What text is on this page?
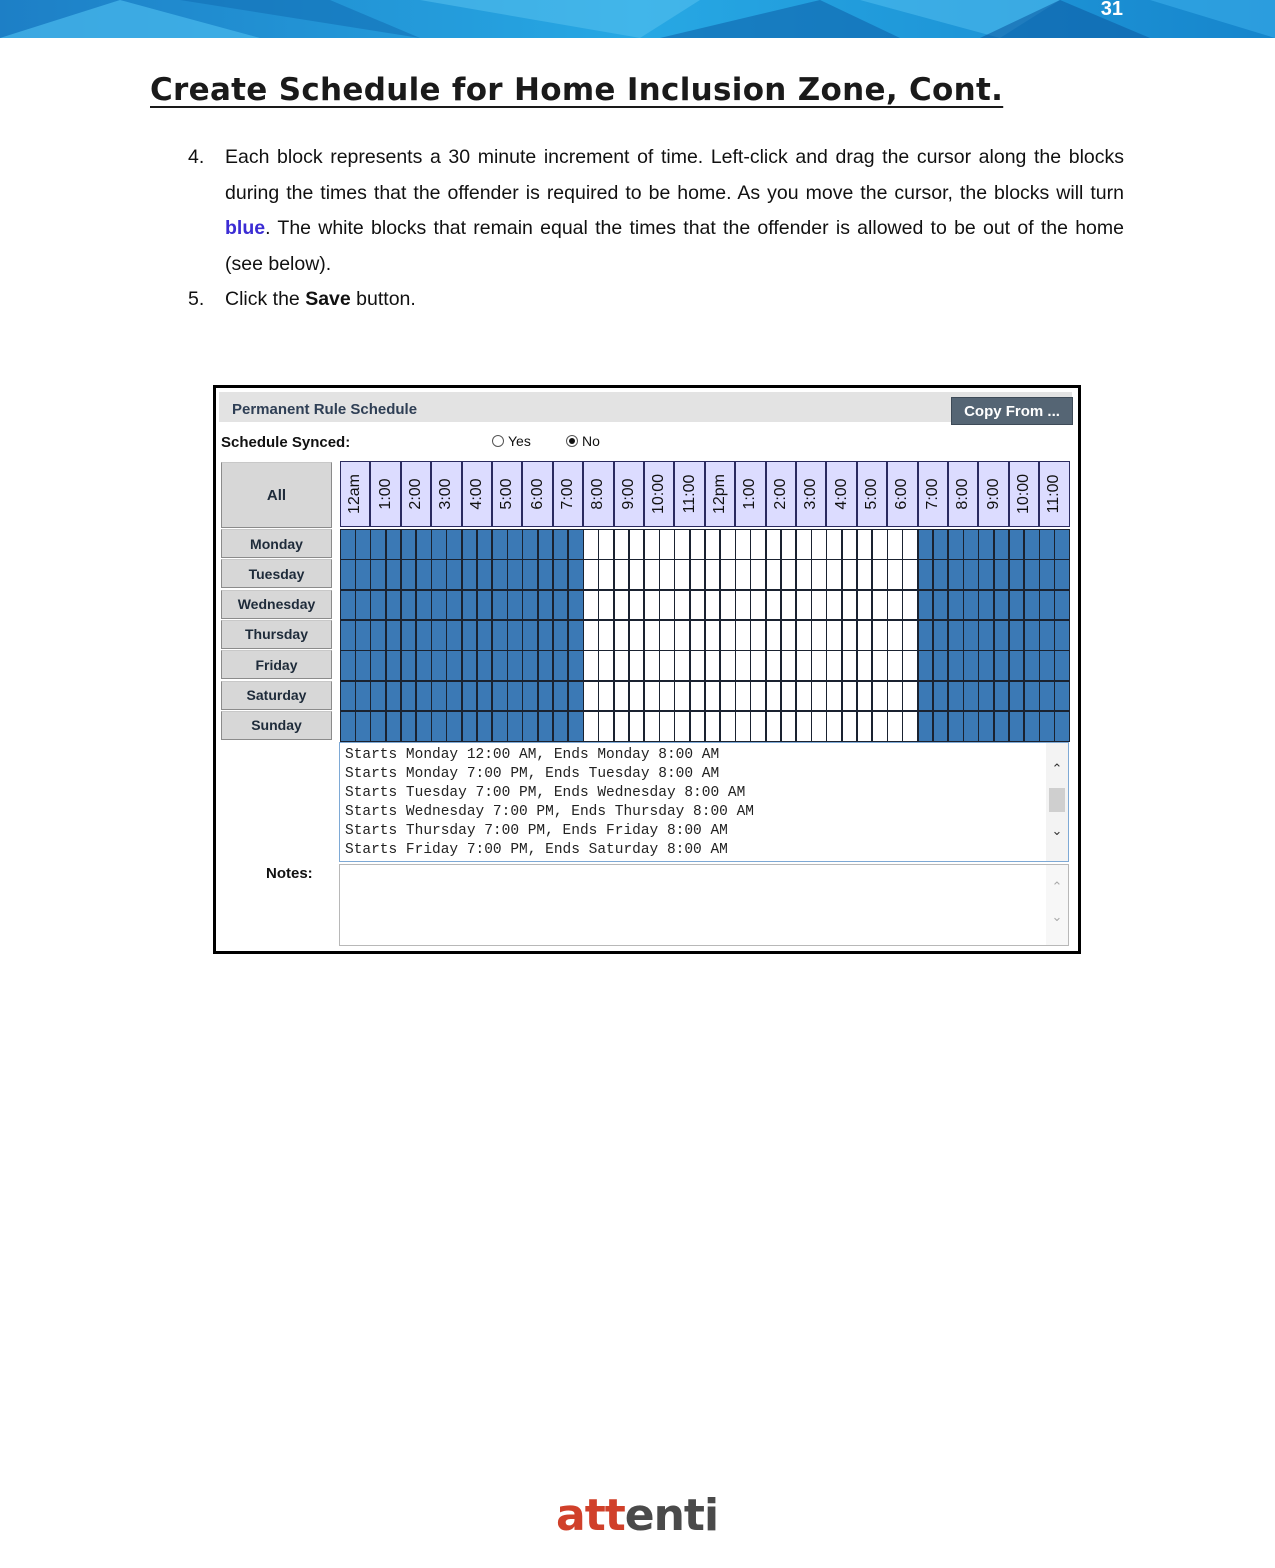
31
Create Schedule for Home Inclusion Zone, Cont.
4.	Each block represents a 30 minute increment of time. Left-click and drag the cursor along the blocks during the times that the offender is required to be home. As you move the cursor, the blocks will turn blue. The white blocks that remain equal the times that the offender is allowed to be out of the home (see below).
5.	Click the Save button.
Permanent Rule Schedule	Copy From ...
Schedule Synced:	Yes	No
All
Starts Monday 12:00 AM, Ends Monday 8:00 AM
Starts Monday 7:00 PM, Ends Tuesday 8:00 AM
Starts Tuesday 7:00 PM, Ends Wednesday 8:00 AM
Starts Wednesday 7:00 PM, Ends Thursday 8:00 AM
Starts Thursday 7:00 PM, Ends Friday 8:00 AM
Starts Friday 7:00 PM, Ends Saturday 8:00 AM
⌃
⌄
Notes:
⌃
⌄
Monday
Tuesday
Wednesday
Thursday
Friday
Saturday
Sunday
12am 1:00 2:00 3:00 4:00 5:00 6:00 7:00 8:00 9:00 10:00 11:00 12pm 1:00 2:00 3:00 4:00 5:00 6:00 7:00 8:00 9:00 10:00 11:00
attenti
